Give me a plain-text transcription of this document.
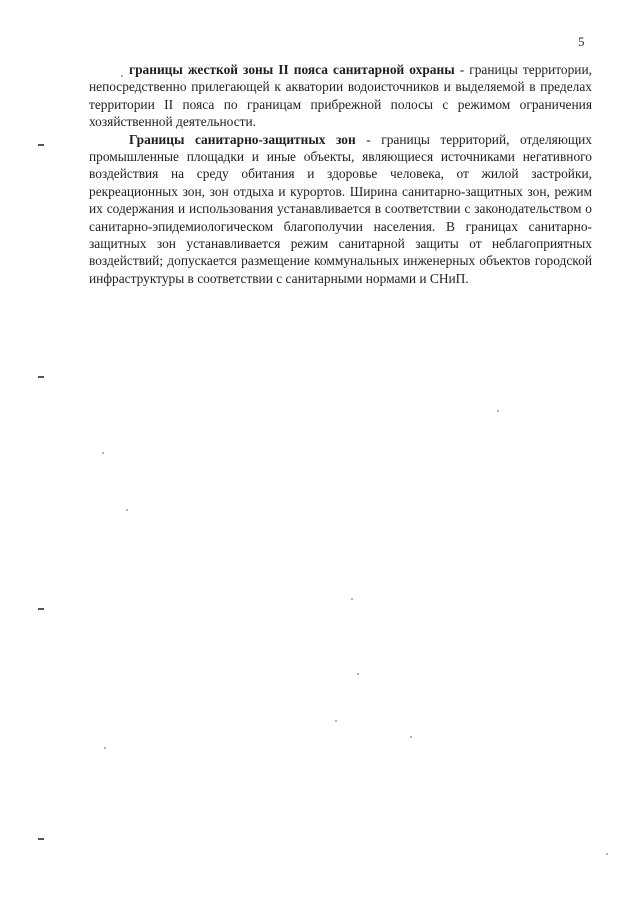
5

границы жесткой зоны II пояса санитарной охраны - границы территории, непосредственно прилегающей к акватории водоисточников и выделяемой в пределах территории II пояса по границам прибрежной полосы с режимом ограничения хозяйственной деятельности.

Границы санитарно-защитных зон - границы территорий, отделяющих промышленные площадки и иные объекты, являющиеся источниками негативного воздействия на среду обитания и здоровье человека, от жилой застройки, рекреационных зон, зон отдыха и курортов. Ширина санитарно-защитных зон, режим их содержания и использования устанавливается в соответствии с законодательством о санитарно-эпидемиологическом благополучии населения. В границах санитарно-защитных зон устанавливается режим санитарной защиты от неблагоприятных воздействий; допускается размещение коммунальных инженерных объектов городской инфраструктуры в соответствии с санитарными нормами и СНиП.
